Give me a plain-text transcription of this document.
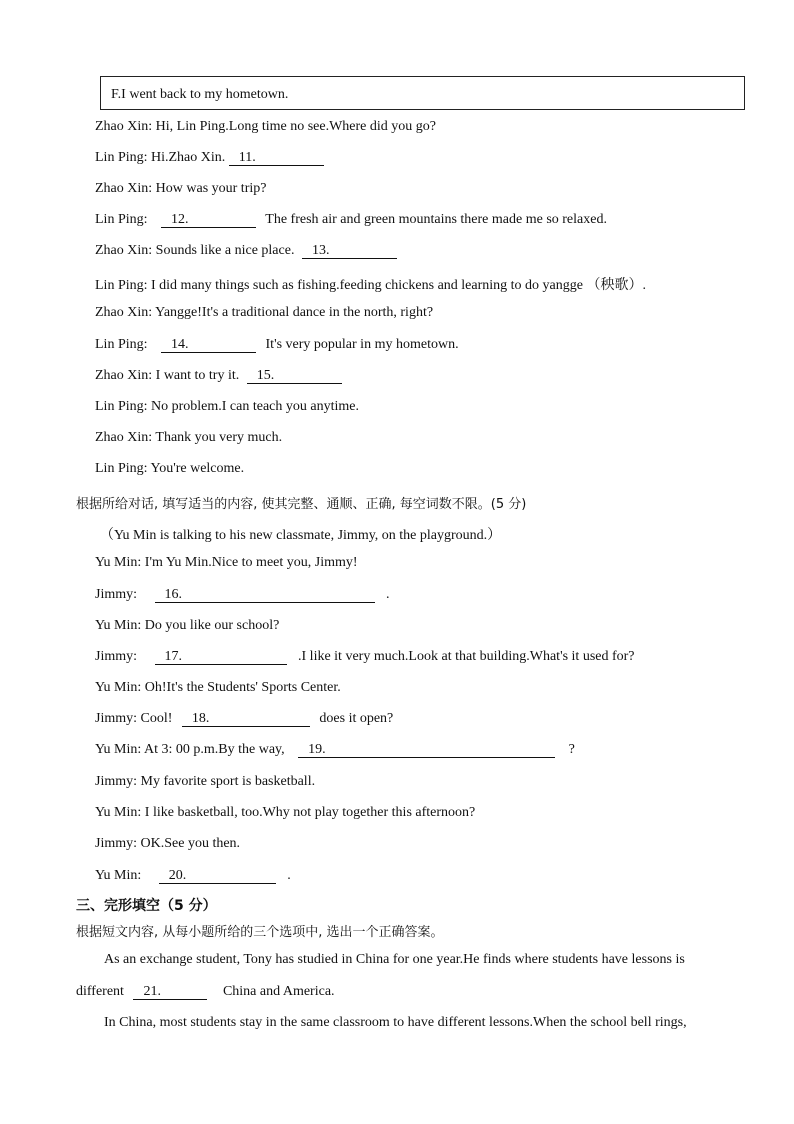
F.I went back to my hometown.
Zhao Xin: Hi, Lin Ping.Long time no see.Where did you go?
Lin Ping: Hi.Zhao Xin. 11.
Zhao Xin: How was your trip?
Lin Ping: 12.	The fresh air and green mountains there made me so relaxed.
Zhao Xin: Sounds like a nice place. 13.
Lin Ping: I did many things such as fishing.feeding chickens and learning to do yangge （秧歌）.
Zhao Xin: Yangge!It's a traditional dance in the north, right?
Lin Ping: 14.	It's very popular in my hometown.
Zhao Xin: I want to try it. 15.
Lin Ping: No problem.I can teach you anytime.
Zhao Xin: Thank you very much.
Lin Ping: You're welcome.
根据所给对话, 填写适当的内容, 使其完整、通顺、正确, 每空词数不限。(5 分)
（Yu Min is talking to his new classmate, Jimmy, on the playground.）
Yu Min: I'm Yu Min.Nice to meet you, Jimmy!
Jimmy: 16.	.
Yu Min: Do you like our school?
Jimmy: 17.	.I like it very much.Look at that building.What's it used for?
Yu Min: Oh!It's the Students' Sports Center.
Jimmy: Cool! 18.	does it open?
Yu Min: At 3: 00 p.m.By the way, 19.	?
Jimmy: My favorite sport is basketball.
Yu Min: I like basketball, too.Why not play together this afternoon?
Jimmy: OK.See you then.
Yu Min: 20.	.
三、完形填空（5 分）
根据短文内容, 从每小题所给的三个选项中, 选出一个正确答案。
As an exchange student, Tony has studied in China for one year.He finds where students have lessons is
different 21.	China and America.
In China, most students stay in the same classroom to have different lessons.When the school bell rings,
